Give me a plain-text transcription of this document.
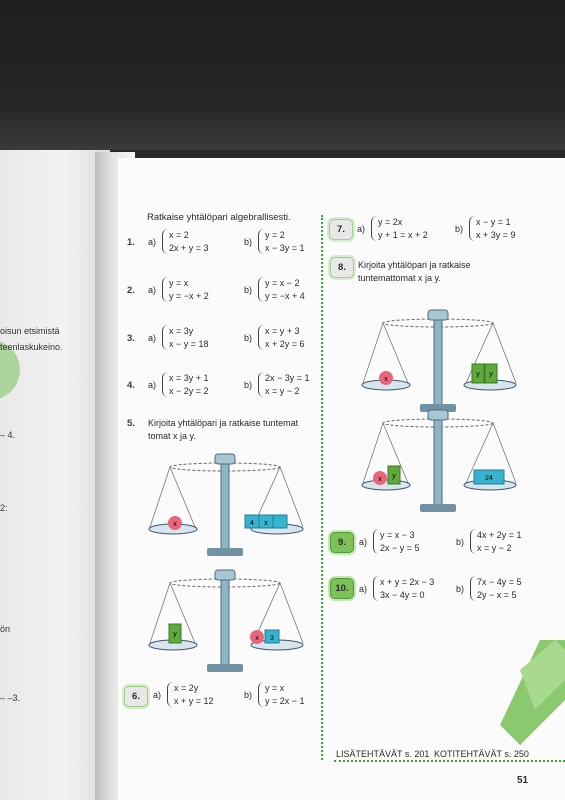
oisun etsimistä
teenlaskukeino.
– 4.
2:
ön
– –3.
Ratkaise yhtälöpari algebrallisesti.
1. a)
x = 2
2x + y = 3
b)
y = 2
x − 3y = 1
2. a)
y = x
y = −x + 2
b)
y = x − 2
y = −x + 4
3. a)
x = 3y
x − y = 18
b)
x = y + 3
x + 2y = 6
4. a)
x = 3y + 1
x − 2y = 2
b)
2x − 3y = 1
x = y − 2
5. Kirjoita yhtälöpari ja ratkaise tuntemat tomat x ja y.
x	4 x
y
x 3
6.	a)
x = 2y
x + y = 12
b)
y = x
y = 2x − 1
7.	a)
y = 2x
y + 1 = x + 2
b)
x − y = 1
x + 3y = 9
8.	Kirjoita yhtälöpari ja ratkaise tuntemattomat x ja y.
x
y y
x y	24
9.	a)
y = x − 3
2x − y = 5
b)
4x + 2y = 1
x = y − 2
10.	a)
x + y = 2x − 3
3x − 4y = 0
b)
7x − 4y = 5
2y − x = 5
LISÄTEHTÄVÄT s. 201 KOTITEHTÄVÄT s. 250
51
